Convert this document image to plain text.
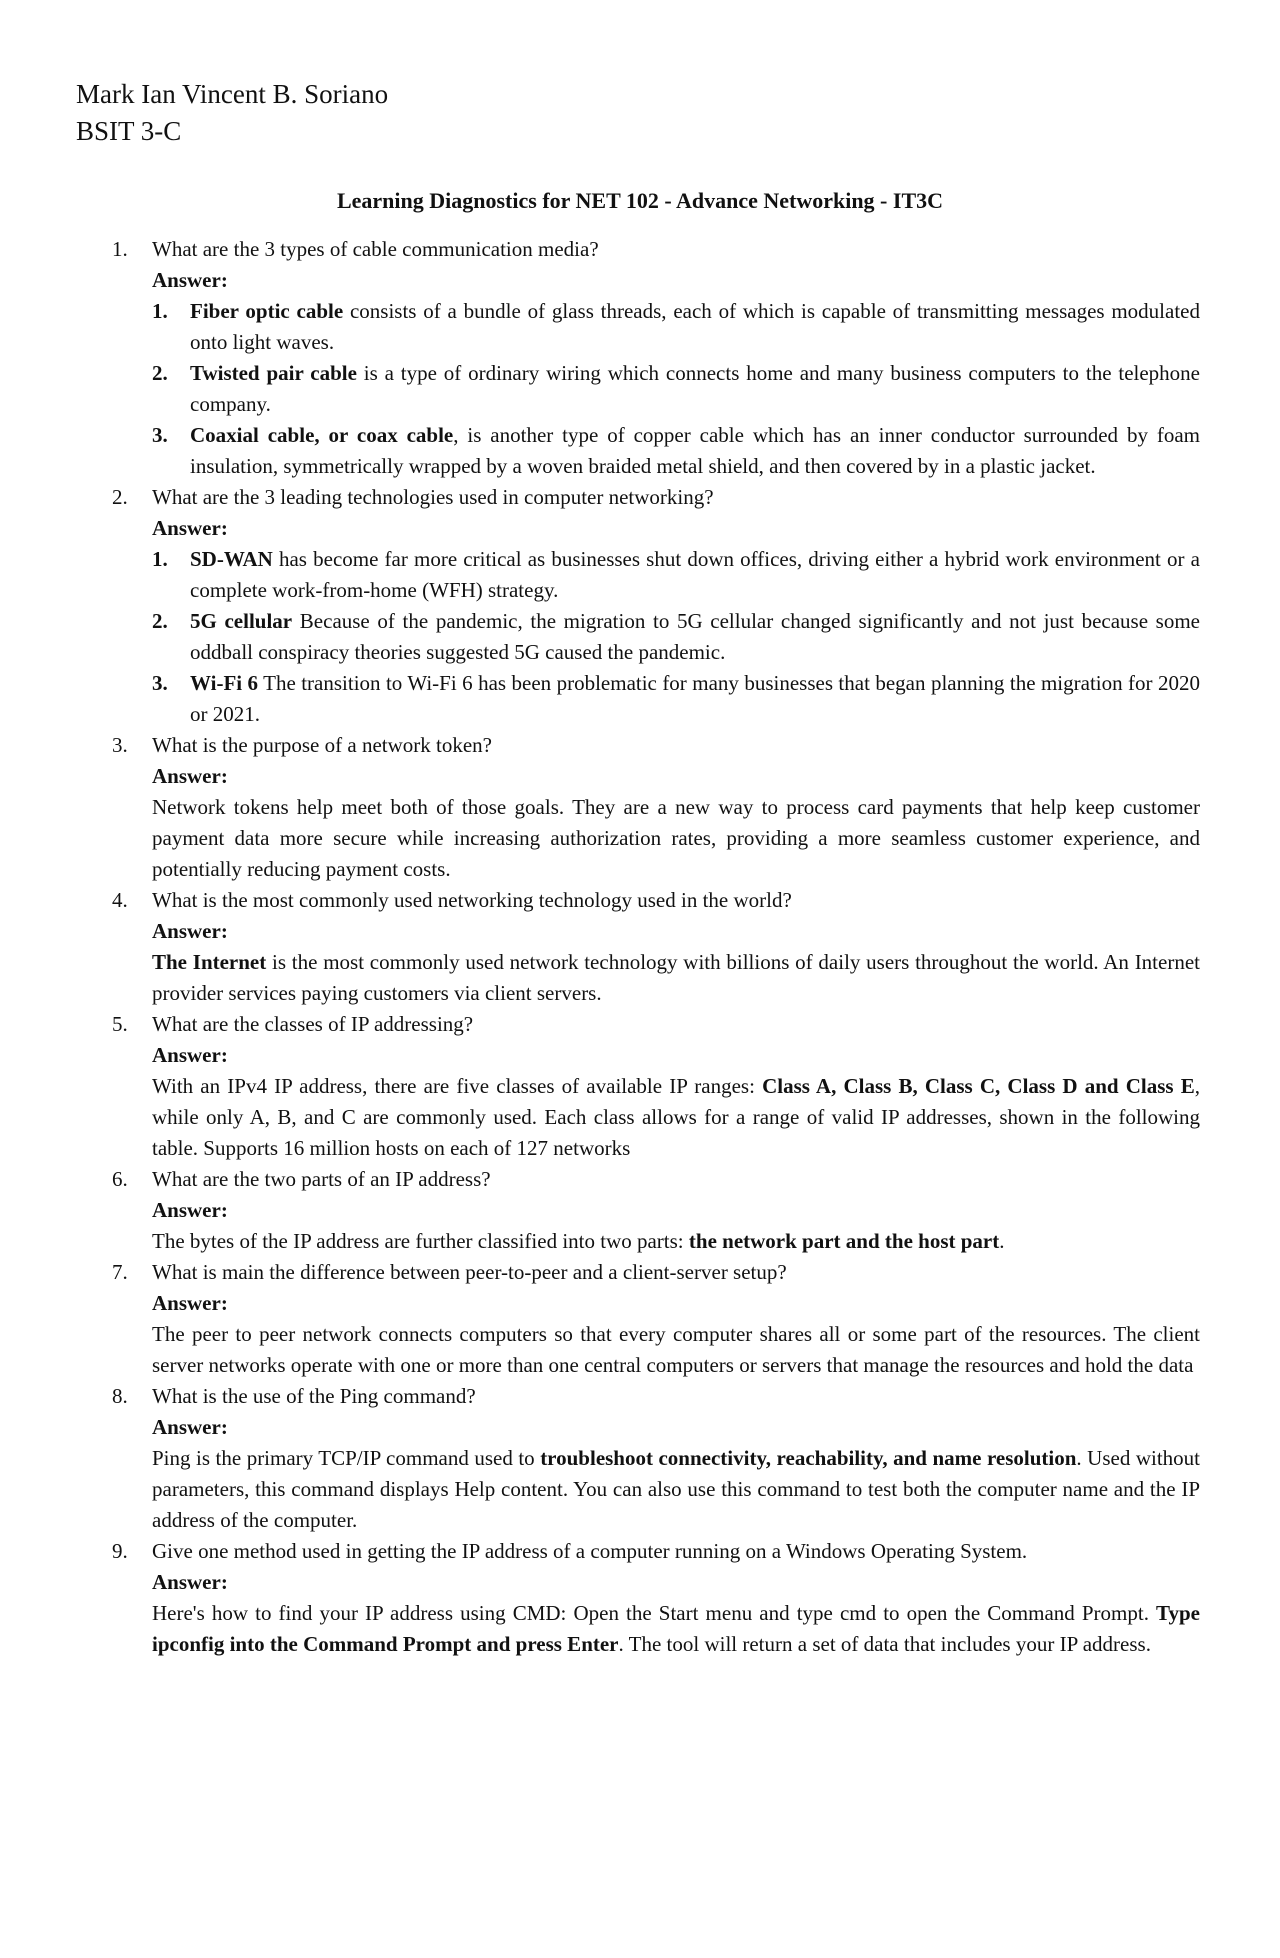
Mark Ian Vincent B. Soriano
BSIT 3-C
Learning Diagnostics for NET 102 - Advance Networking - IT3C
1. What are the 3 types of cable communication media?
Answer:
1. Fiber optic cable consists of a bundle of glass threads, each of which is capable of transmitting messages modulated onto light waves.
2. Twisted pair cable is a type of ordinary wiring which connects home and many business computers to the telephone company.
3. Coaxial cable, or coax cable, is another type of copper cable which has an inner conductor surrounded by foam insulation, symmetrically wrapped by a woven braided metal shield, and then covered by in a plastic jacket.
2. What are the 3 leading technologies used in computer networking?
Answer:
1. SD-WAN has become far more critical as businesses shut down offices, driving either a hybrid work environment or a complete work-from-home (WFH) strategy.
2. 5G cellular Because of the pandemic, the migration to 5G cellular changed significantly and not just because some oddball conspiracy theories suggested 5G caused the pandemic.
3. Wi-Fi 6 The transition to Wi-Fi 6 has been problematic for many businesses that began planning the migration for 2020 or 2021.
3. What is the purpose of a network token?
Answer:
Network tokens help meet both of those goals. They are a new way to process card payments that help keep customer payment data more secure while increasing authorization rates, providing a more seamless customer experience, and potentially reducing payment costs.
4. What is the most commonly used networking technology used in the world?
Answer:
The Internet is the most commonly used network technology with billions of daily users throughout the world. An Internet provider services paying customers via client servers.
5. What are the classes of IP addressing?
Answer:
With an IPv4 IP address, there are five classes of available IP ranges: Class A, Class B, Class C, Class D and Class E, while only A, B, and C are commonly used. Each class allows for a range of valid IP addresses, shown in the following table. Supports 16 million hosts on each of 127 networks
6. What are the two parts of an IP address?
Answer:
The bytes of the IP address are further classified into two parts: the network part and the host part.
7. What is main the difference between peer-to-peer and a client-server setup?
Answer:
The peer to peer network connects computers so that every computer shares all or some part of the resources. The client server networks operate with one or more than one central computers or servers that manage the resources and hold the data
8. What is the use of the Ping command?
Answer:
Ping is the primary TCP/IP command used to troubleshoot connectivity, reachability, and name resolution. Used without parameters, this command displays Help content. You can also use this command to test both the computer name and the IP address of the computer.
9. Give one method used in getting the IP address of a computer running on a Windows Operating System.
Answer:
Here's how to find your IP address using CMD: Open the Start menu and type cmd to open the Command Prompt. Type ipconfig into the Command Prompt and press Enter. The tool will return a set of data that includes your IP address.
